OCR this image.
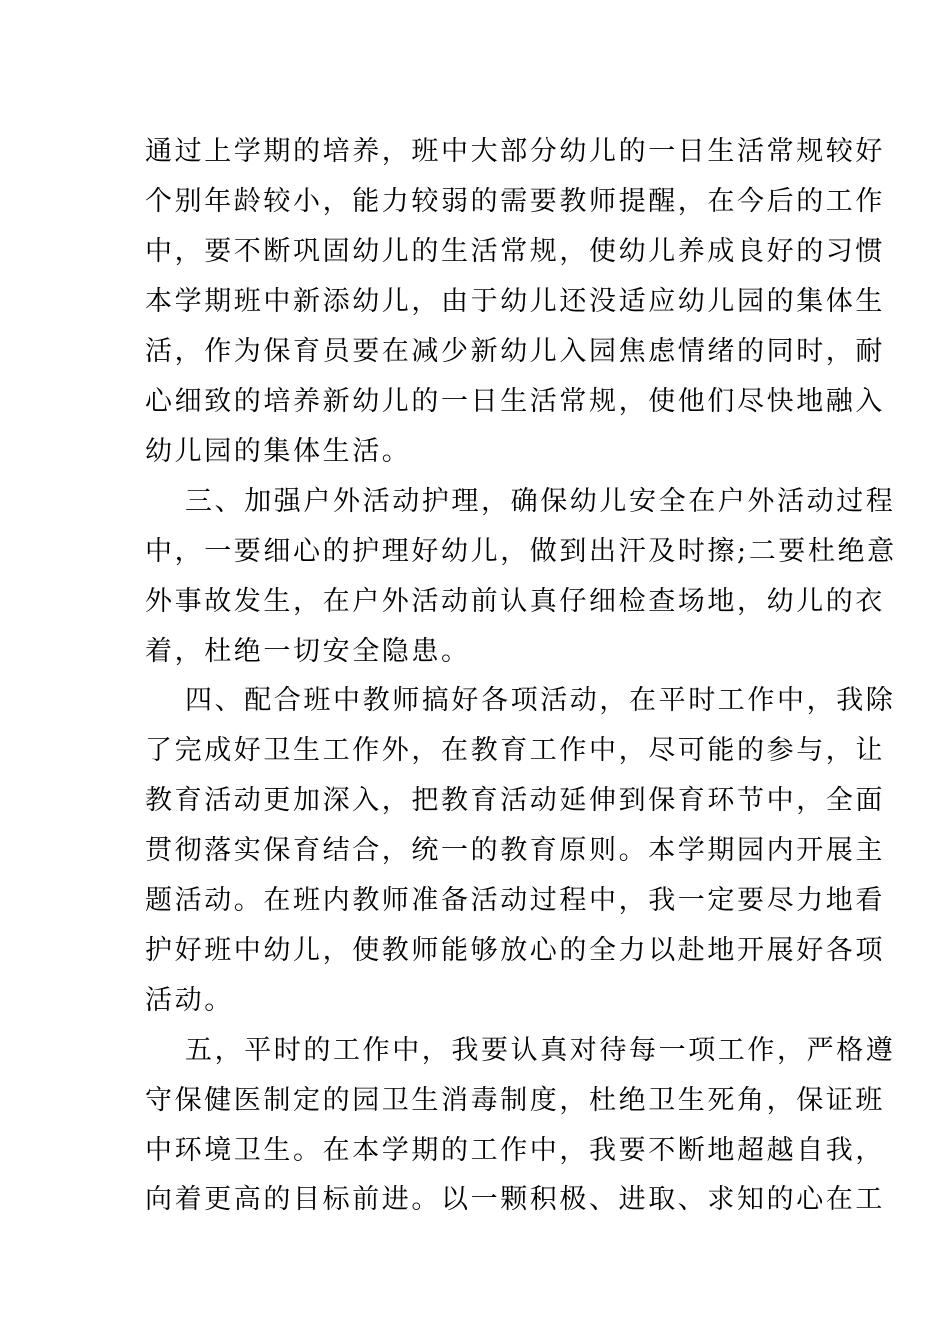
通过上学期的培养，班中大部分幼儿的一日生活常规较好
个别年龄较小，能力较弱的需要教师提醒，在今后的工作
中，要不断巩固幼儿的生活常规，使幼儿养成良好的习惯
本学期班中新添幼儿，由于幼儿还没适应幼儿园的集体生
活，作为保育员要在减少新幼儿入园焦虑情绪的同时，耐
心细致的培养新幼儿的一日生活常规，使他们尽快地融入
幼儿园的集体生活。
三、加强户外活动护理，确保幼儿安全在户外活动过程
中，一要细心的护理好幼儿，做到出汗及时擦;二要杜绝意
外事故发生，在户外活动前认真仔细检查场地，幼儿的衣
着，杜绝一切安全隐患。
四、配合班中教师搞好各项活动，在平时工作中，我除
了完成好卫生工作外，在教育工作中，尽可能的参与，让
教育活动更加深入，把教育活动延伸到保育环节中，全面
贯彻落实保育结合，统一的教育原则。本学期园内开展主
题活动。在班内教师准备活动过程中，我一定要尽力地看
护好班中幼儿，使教师能够放心的全力以赴地开展好各项
活动。
五，平时的工作中，我要认真对待每一项工作，严格遵
守保健医制定的园卫生消毒制度，杜绝卫生死角，保证班
中环境卫生。在本学期的工作中，我要不断地超越自我，
向着更高的目标前进。以一颗积极、进取、求知的心在工
